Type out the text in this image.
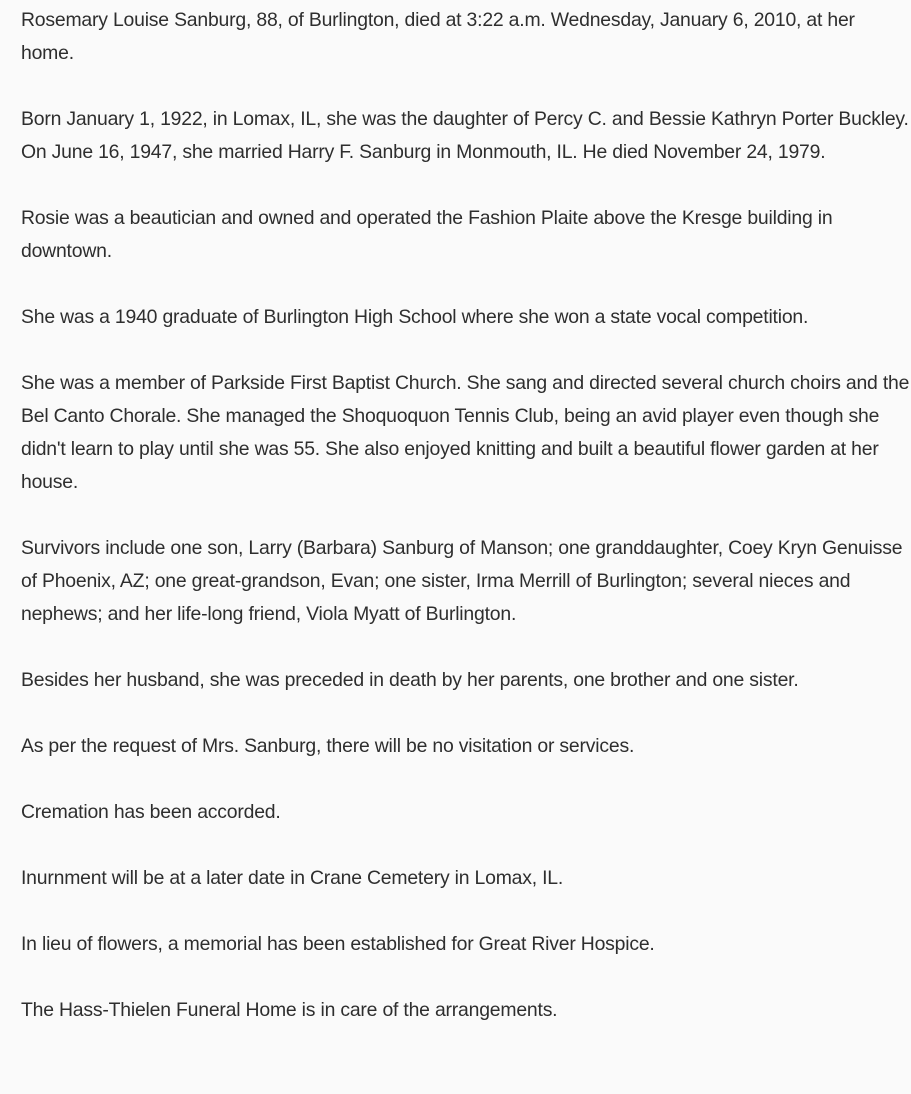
Rosemary Louise Sanburg, 88, of Burlington, died at 3:22 a.m. Wednesday, January 6, 2010, at her home.

Born January 1, 1922, in Lomax, IL, she was the daughter of Percy C. and Bessie Kathryn Porter Buckley. On June 16, 1947, she married Harry F. Sanburg in Monmouth, IL. He died November 24, 1979.

Rosie was a beautician and owned and operated the Fashion Plaite above the Kresge building in downtown.

She was a 1940 graduate of Burlington High School where she won a state vocal competition.

She was a member of Parkside First Baptist Church. She sang and directed several church choirs and the Bel Canto Chorale. She managed the Shoquoquon Tennis Club, being an avid player even though she didn't learn to play until she was 55. She also enjoyed knitting and built a beautiful flower garden at her house.

Survivors include one son, Larry (Barbara) Sanburg of Manson; one granddaughter, Coey Kryn Genuisse of Phoenix, AZ; one great-grandson, Evan; one sister, Irma Merrill of Burlington; several nieces and nephews; and her life-long friend, Viola Myatt of Burlington.

Besides her husband, she was preceded in death by her parents, one brother and one sister.

As per the request of Mrs. Sanburg, there will be no visitation or services.

Cremation has been accorded.

Inurnment will be at a later date in Crane Cemetery in Lomax, IL.

In lieu of flowers, a memorial has been established for Great River Hospice.

The Hass-Thielen Funeral Home is in care of the arrangements.
